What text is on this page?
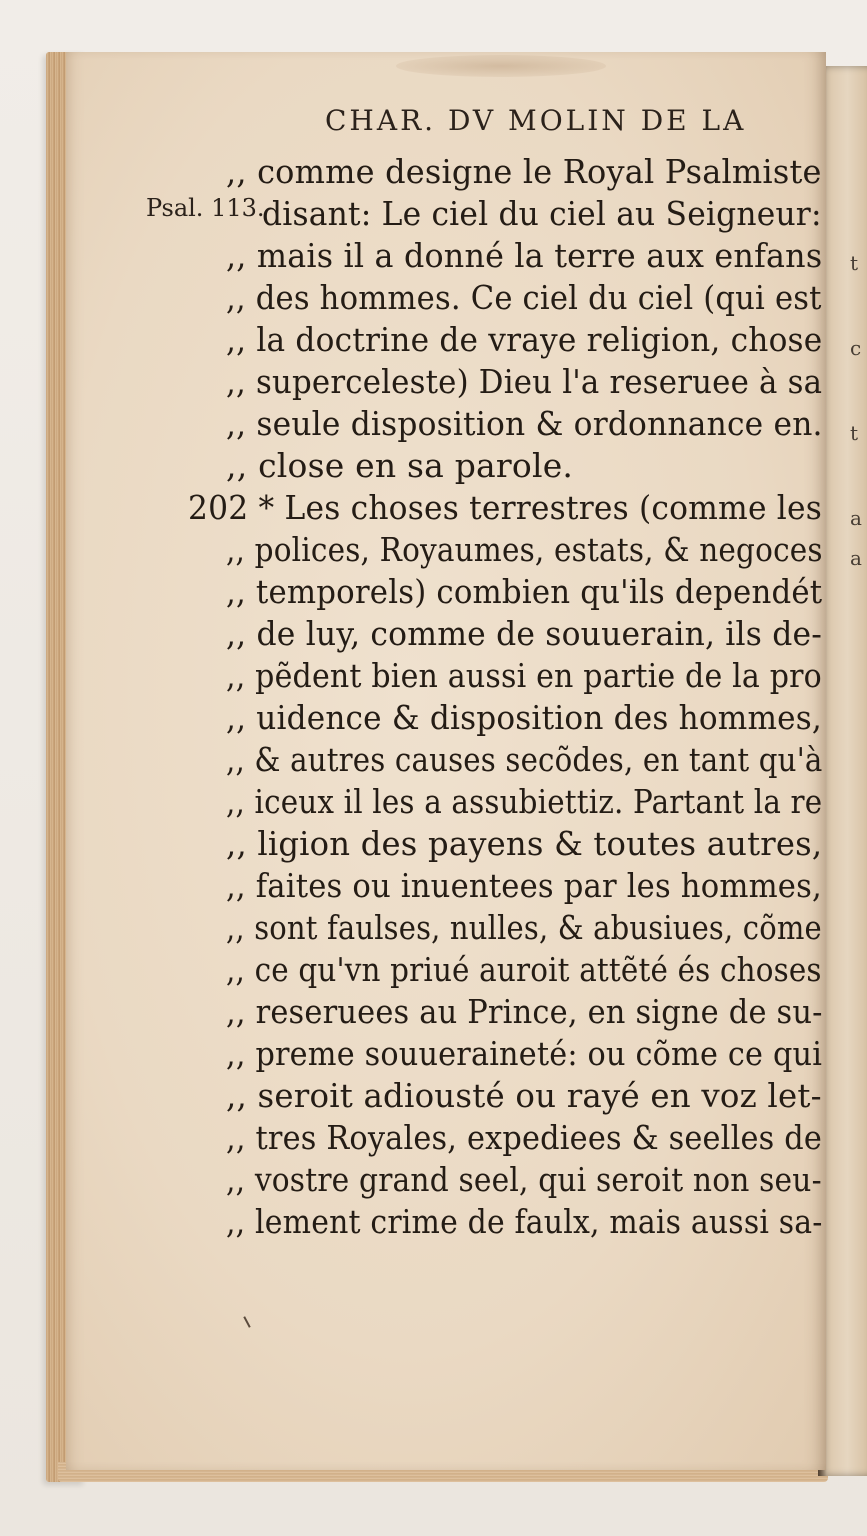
t
c
t
a
a
CHAR. DV MOLIN DE LA
Psal. 113.
,, comme designe le Royal Psalmiste
disant: Le ciel du ciel au Seigneur:
,, mais il a donné la terre aux enfans
,, des hommes. Ce ciel du ciel (qui est
,, la doctrine de vraye religion, chose
,, superceleste) Dieu l'a reseruee à sa
,, seule disposition & ordonnance en.
,, close en sa parole.
202 * Les choses terrestres (comme les
,, polices, Royaumes, estats, & negoces
,, temporels) combien qu'ils dependét
,, de luy, comme de souuerain, ils de-
,, pẽdent bien aussi en partie de la pro
,, uidence & disposition des hommes,
,, & autres causes secõdes, en tant qu'à
,, iceux il les a assubiettiz. Partant la re
,, ligion des payens & toutes autres,
,, faites ou inuentees par les hommes,
,, sont faulses, nulles, & abusiues, cõme
,, ce qu'vn priué auroit attẽté és choses
,, reseruees au Prince, en signe de su-
,, preme souueraineté: ou cõme ce qui
,, seroit adiousté ou rayé en voz let-
,, tres Royales, expediees & seelles de
,, vostre grand seel, qui seroit non seu-
,, lement crime de faulx, mais aussi sa-
